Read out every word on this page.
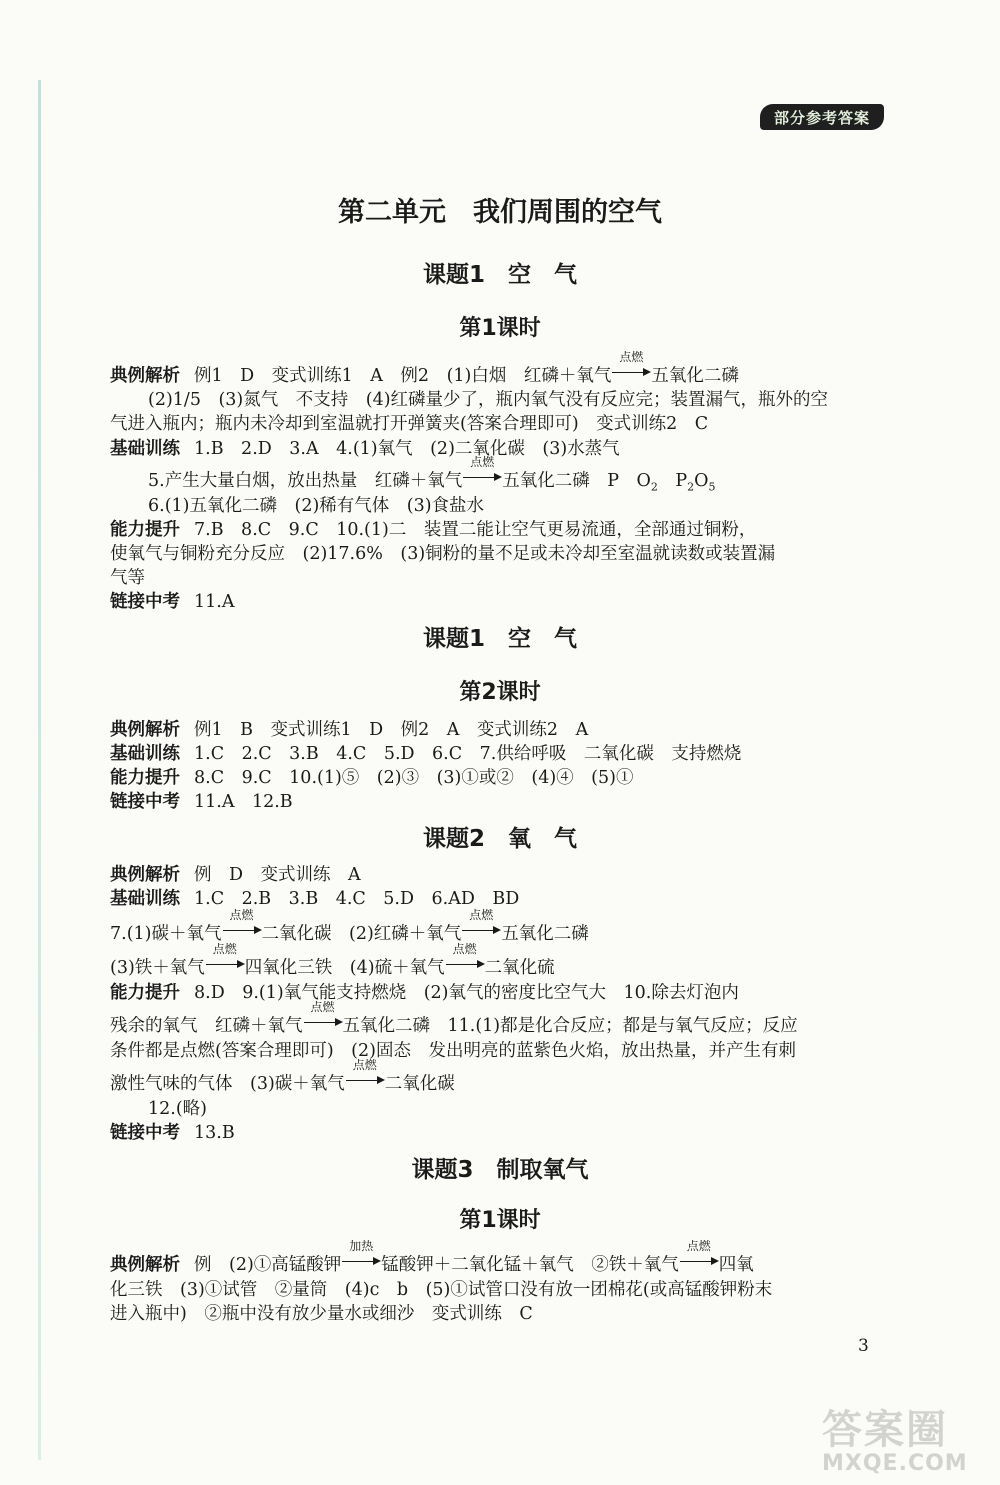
部分参考答案
第二单元　我们周围的空气
课题1　空　气
第1课时
典例解析 例1　D　变式训练1　A　例2　(1)白烟　红磷＋氧气
点燃
五氧化二磷
(2)1/5　(3)氮气　不支持　(4)红磷量少了，瓶内氧气没有反应完；装置漏气，瓶外的空
气进入瓶内；瓶内未冷却到室温就打开弹簧夹(答案合理即可)　变式训练2　C
基础训练 1.B　2.D　3.A　4.(1)氧气　(2)二氧化碳　(3)水蒸气
5.产生大量白烟，放出热量　红磷＋氧气
点燃
五氧化二磷　P　$O_2$　$P_2O_5$
6.(1)五氧化二磷　(2)稀有气体　(3)食盐水
能力提升 7.B　8.C　9.C　10.(1)二　装置二能让空气更易流通，全部通过铜粉，
使氧气与铜粉充分反应　(2)17.6%　(3)铜粉的量不足或未冷却至室温就读数或装置漏
气等
链接中考 11.A
课题1　空　气
第2课时
典例解析 例1　B　变式训练1　D　例2　A　变式训练2　A
基础训练 1.C　2.C　3.B　4.C　5.D　6.C　7.供给呼吸　二氧化碳　支持燃烧
能力提升 8.C　9.C　10.(1)⑤　(2)③　(3)①或②　(4)④　(5)①
链接中考 11.A　12.B
课题2　氧　气
典例解析 例　D　变式训练　A
基础训练 1.C　2.B　3.B　4.C　5.D　6.AD　BD
7.(1)碳＋氧气
点燃
二氧化碳　(2)红磷＋氧气
点燃
五氧化二磷
(3)铁＋氧气
点燃
四氧化三铁　(4)硫＋氧气
点燃
二氧化硫
能力提升 8.D　9.(1)氧气能支持燃烧　(2)氧气的密度比空气大　10.除去灯泡内
残余的氧气　红磷＋氧气
点燃
五氧化二磷　11.(1)都是化合反应；都是与氧气反应；反应
条件都是点燃(答案合理即可)　(2)固态　发出明亮的蓝紫色火焰，放出热量，并产生有刺
激性气味的气体　(3)碳＋氧气
点燃
二氧化碳
12.(略)
链接中考 13.B
课题3　制取氧气
第1课时
典例解析 例　(2)①高锰酸钾
加热
锰酸钾＋二氧化锰＋氧气　②铁＋氧气
点燃
四氧
化三铁　(3)①试管　②量筒　(4)c　b　(5)①试管口没有放一团棉花(或高锰酸钾粉末
进入瓶中)　②瓶中没有放少量水或细沙　变式训练　C
3
答案圈
MXQE.COM
